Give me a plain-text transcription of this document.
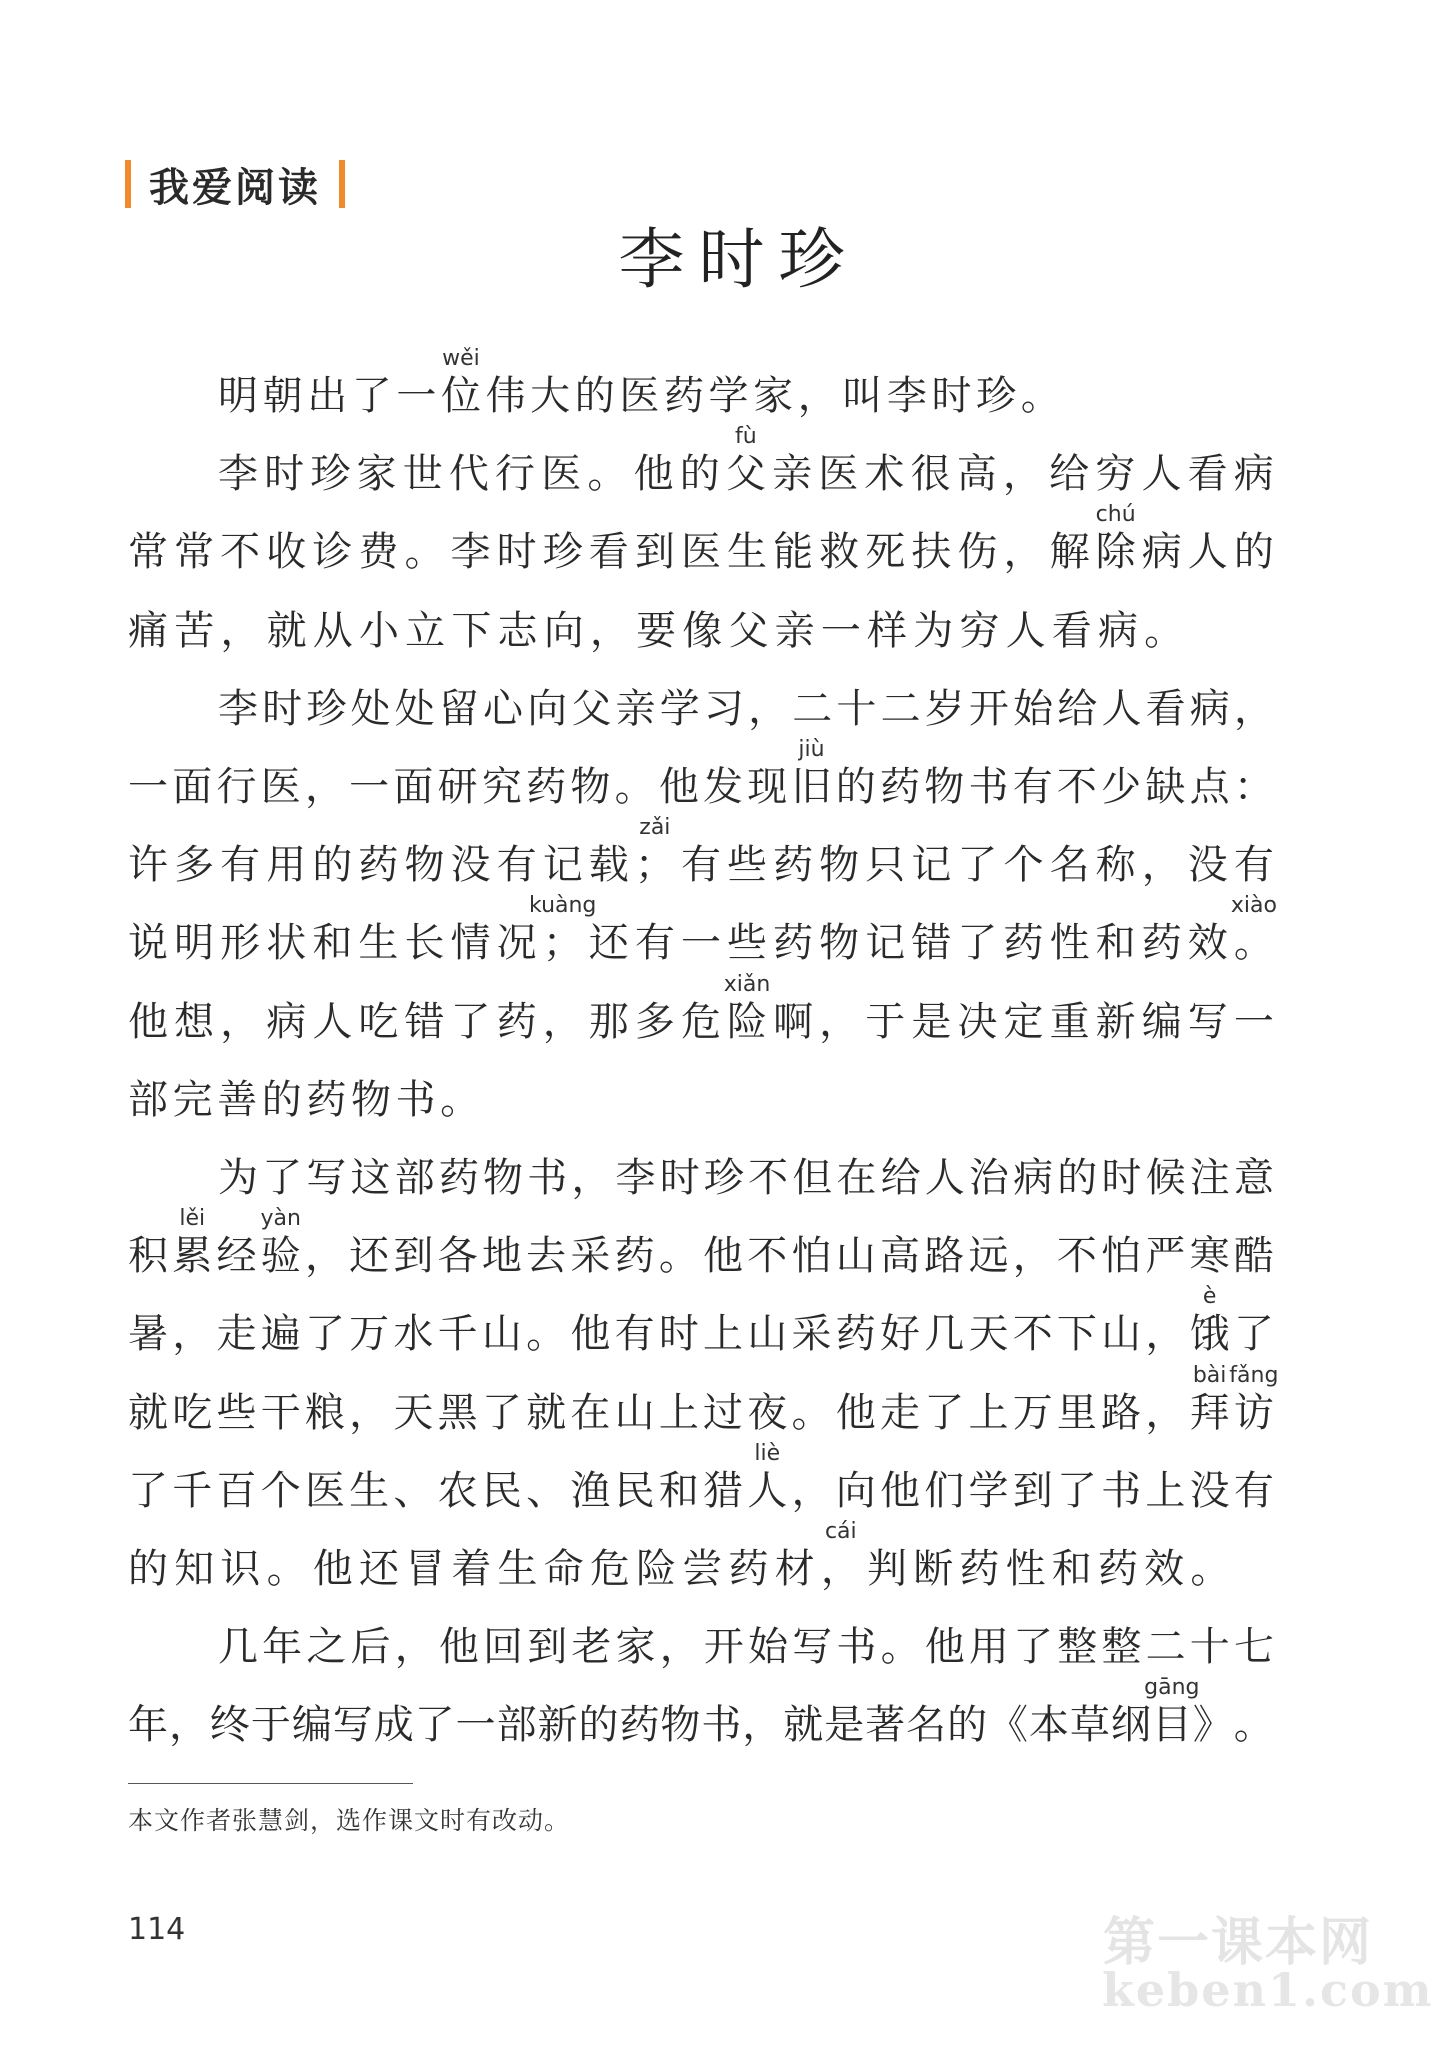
我爱阅读
李时珍
明 朝 出 了 一 位
wěi
伟 大 的 医 药 学 家 ， 叫 李 时 珍 。
李 时 珍 家 世 代 行 医 。 他 的 父
fù
亲 医 术 很 高 ， 给 穷 人 看 病
常 常 不 收 诊 费 。 李 时 珍 看 到 医 生 能 救 死 扶 伤 ， 解 除
chú
病 人 的
痛 苦 ， 就 从 小 立 下 志 向 ， 要 像 父 亲 一 样 为 穷 人 看 病 。
李 时 珍 处 处 留 心 向 父 亲 学 习 ， 二 十 二 岁 开 始 给 人 看 病 ，
一 面 行 医 ， 一 面 研 究 药 物 。 他 发 现 旧
jiù
的 药 物 书 有 不 少 缺 点 ：
许 多 有 用 的 药 物 没 有 记 载 ；
zǎi
有 些 药 物 只 记 了 个 名 称 ， 没 有
说 明 形 状 和 生 长 情 况 ；
kuàng
还 有 一 些 药 物 记 错 了 药 性 和 药 效 。
xiào
他 想 ， 病 人 吃 错 了 药 ， 那 多 危 险
xiǎn
啊 ， 于 是 决 定 重 新 编 写 一
部 完 善 的 药 物 书 。
为 了 写 这 部 药 物 书 ， 李 时 珍 不 但 在 给 人 治 病 的 时 候 注 意
积 累
lěi
经 验
yàn
， 还 到 各 地 去 采 药 。 他 不 怕 山 高 路 远 ， 不 怕 严 寒 酷
暑 ， 走 遍 了 万 水 千 山 。 他 有 时 上 山 采 药 好 几 天 不 下 山 ， 饿
è
了
就 吃 些 干 粮 ， 天 黑 了 就 在 山 上 过 夜 。 他 走 了 上 万 里 路 ， 拜
bài
访
fǎng
了 千 百 个 医 生 、 农 民 、 渔 民 和 猎 人
liè
， 向 他 们 学 到 了 书 上 没 有
的 知 识 。 他 还 冒 着 生 命 危 险 尝 药 材 ，
cái
判 断 药 性 和 药 效 。
几 年 之 后 ， 他 回 到 老 家 ， 开 始 写 书 。 他 用 了 整 整 二 十 七
年 ， 终 于 编 写 成 了 一 部 新 的 药 物 书 ， 就 是 著 名 的 《 本 草 纲 目
gāng
》 。
本文作者张慧剑，选作课文时有改动。
114	第一课本网
keben1.com
